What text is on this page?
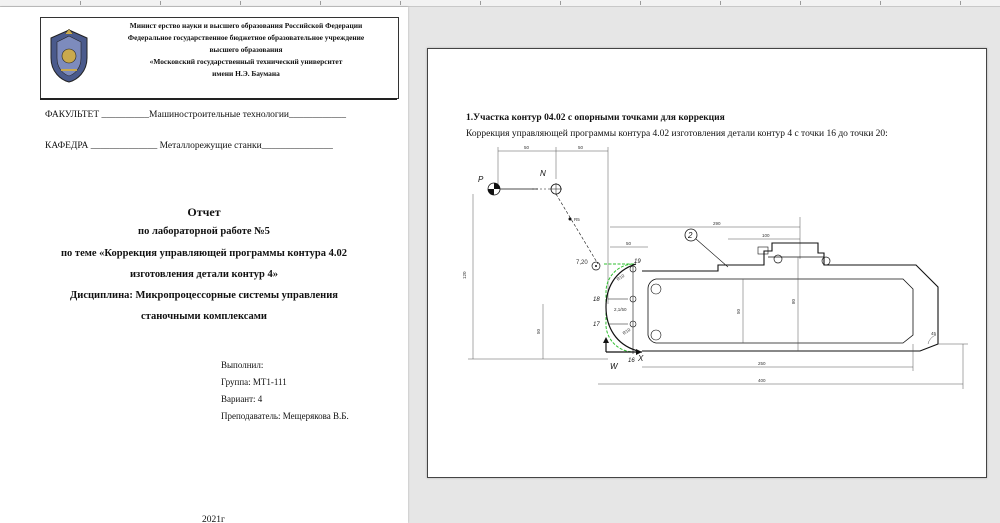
Минист ерство науки и высшего образования Российской Федерации
Федеральное государственное бюджетное образовательное учреждение
высшего образования
«Московский государственный технический университет
имени Н.Э. Баумана
ФАКУЛЬТЕТ __________Машиностроительные технологии____________
КАФЕДРА ______________ Металлорежущие станки_______________
Отчет
по лабораторной работе №5
по теме «Коррекция управляющей программы контура 4.02
изготовления детали контур 4»
Дисциплина: Микропроцессорные системы управления
станочными комплексами
Выполнил:
Группа: МТ1-111
Вариант: 4
Преподаватель: Мещерякова В.Б.
2021г
1.Участка контур 04.02 с опорными точками для коррекция
Коррекция управляющей программы контура 4.02 изготовления детали контур 4 с точки 16 до точки 20:
50	50
290
100
50
P
N
R5
120
50
7,20	19
18
17
16
W
X
R10
2,1/50
R10
2
50
80
250
400
45
